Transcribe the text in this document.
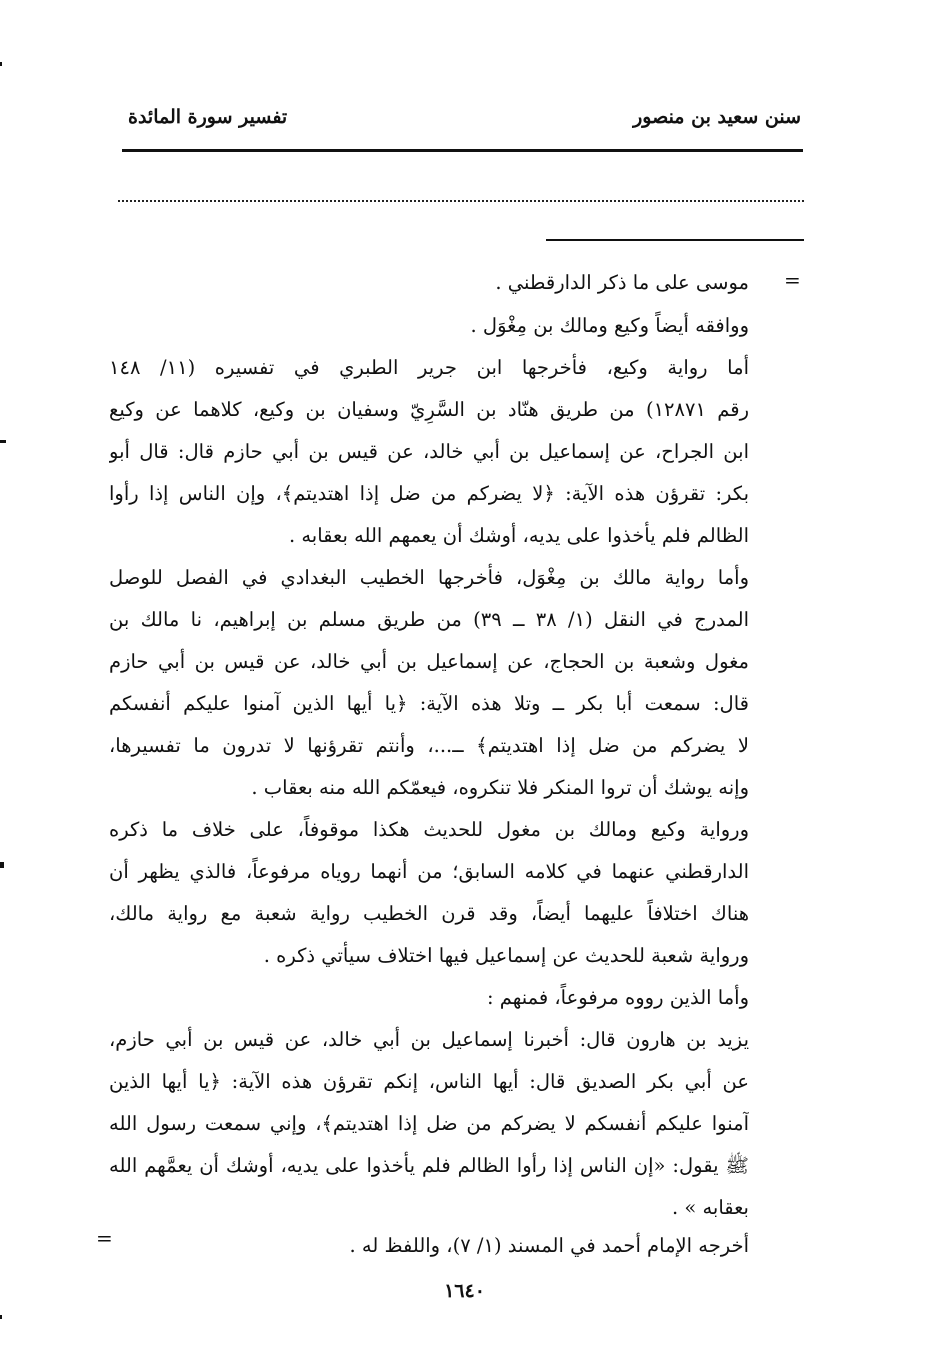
سنن سعيد بن منصور
تفسير سورة المائدة
=
موسى على ما ذكر الدارقطني .
ووافقه أيضاً وكيع ومالك بن مِغْوَل .
أما رواية وكيع، فأخرجها ابن جرير الطبري في تفسيره (١١/ ١٤٨
رقم ١٢٨٧١) من طريق هنّاد بن السَّرِيّ وسفيان بن وكيع، كلاهما عن وكيع
ابن الجراح، عن إسماعيل بن أبي خالد، عن قيس بن أبي حازم قال: قال أبو
بكر: تقرؤن هذه الآية: ﴿لا يضركم من ضل إذا اهتديتم﴾، وإن الناس إذا رأوا
الظالم فلم يأخذوا على يديه، أوشك أن يعمهم الله بعقابه .
وأما رواية مالك بن مِغْوَل، فأخرجها الخطيب البغدادي في الفصل للوصل
المدرج في النقل (١/ ٣٨ ــ ٣٩) من طريق مسلم بن إبراهيم، نا مالك بن
مغول وشعبة بن الحجاج، عن إسماعيل بن أبي خالد، عن قيس بن أبي حازم
قال: سمعت أبا بكر ــ وتلا هذه الآية: ﴿يا أيها الذين آمنوا عليكم أنفسكم
لا يضركم من ضل إذا اهتديتم﴾ ــ...، وأنتم تقرؤنها لا تدرون ما تفسيرها،
وإنه يوشك أن تروا المنكر فلا تنكروه، فيعمّكم الله منه بعقاب .
ورواية وكيع ومالك بن مغول للحديث هكذا موقوفاً، على خلاف ما ذكره
الدارقطني عنهما في كلامه السابق؛ من أنهما روياه مرفوعاً، فالذي يظهر أن
هناك اختلافاً عليهما أيضاً، وقد قرن الخطيب رواية شعبة مع رواية مالك،
ورواية شعبة للحديث عن إسماعيل فيها اختلاف سيأتي ذكره .
وأما الذين رووه مرفوعاً، فمنهم :
يزيد بن هارون قال: أخبرنا إسماعيل بن أبي خالد، عن قيس بن أبي حازم،
عن أبي بكر الصديق قال: أيها الناس، إنكم تقرؤن هذه الآية: ﴿يا أيها الذين
آمنوا عليكم أنفسكم لا يضركم من ضل إذا اهتديتم﴾، وإني سمعت رسول الله
ﷺ يقول: «إن الناس إذا رأوا الظالم فلم يأخذوا على يديه، أوشك أن يعمَّهم الله
بعقابه » .
أخرجه الإمام أحمد في المسند (١/ ٧)، واللفظ له .
=
١٦٤٠
